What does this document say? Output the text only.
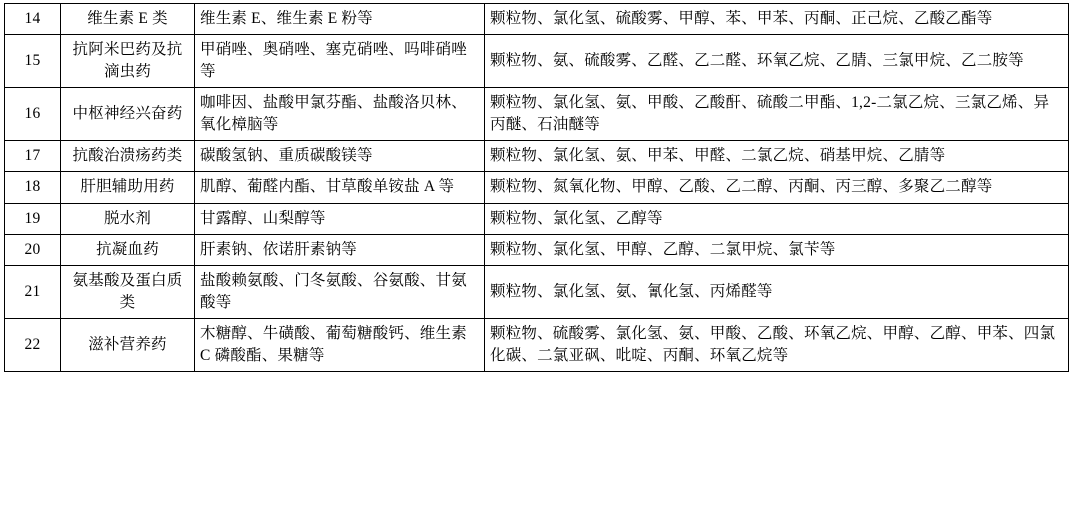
14	维生素 E 类	维生素 E、维生素 E 粉等	颗粒物、氯化氢、硫酸雾、甲醇、苯、甲苯、丙酮、正己烷、乙酸乙酯等

15	抗阿米巴药及抗滴虫药	甲硝唑、奥硝唑、塞克硝唑、吗啡硝唑等	颗粒物、氨、硫酸雾、乙醛、乙二醛、环氧乙烷、乙腈、三氯甲烷、乙二胺等

16	中枢神经兴奋药	咖啡因、盐酸甲氯芬酯、盐酸洛贝林、氧化樟脑等	颗粒物、氯化氢、氨、甲酸、乙酸酐、硫酸二甲酯、1,2-二氯乙烷、三氯乙烯、异丙醚、石油醚等

17	抗酸治溃疡药类	碳酸氢钠、重质碳酸镁等	颗粒物、氯化氢、氨、甲苯、甲醛、二氯乙烷、硝基甲烷、乙腈等

18	肝胆辅助用药	肌醇、葡醛内酯、甘草酸单铵盐 A 等	颗粒物、氮氧化物、甲醇、乙酸、乙二醇、丙酮、丙三醇、多聚乙二醇等

19	脱水剂	甘露醇、山梨醇等	颗粒物、氯化氢、乙醇等

20	抗凝血药	肝素钠、依诺肝素钠等	颗粒物、氯化氢、甲醇、乙醇、二氯甲烷、氯苄等

21	氨基酸及蛋白质类	盐酸赖氨酸、门冬氨酸、谷氨酸、甘氨酸等	颗粒物、氯化氢、氨、氰化氢、丙烯醛等

22	滋补营养药	木糖醇、牛磺酸、葡萄糖酸钙、维生素 C 磷酸酯、果糖等	颗粒物、硫酸雾、氯化氢、氨、甲酸、乙酸、环氧乙烷、甲醇、乙醇、甲苯、四氯化碳、二氯亚砜、吡啶、丙酮、环氧乙烷等
